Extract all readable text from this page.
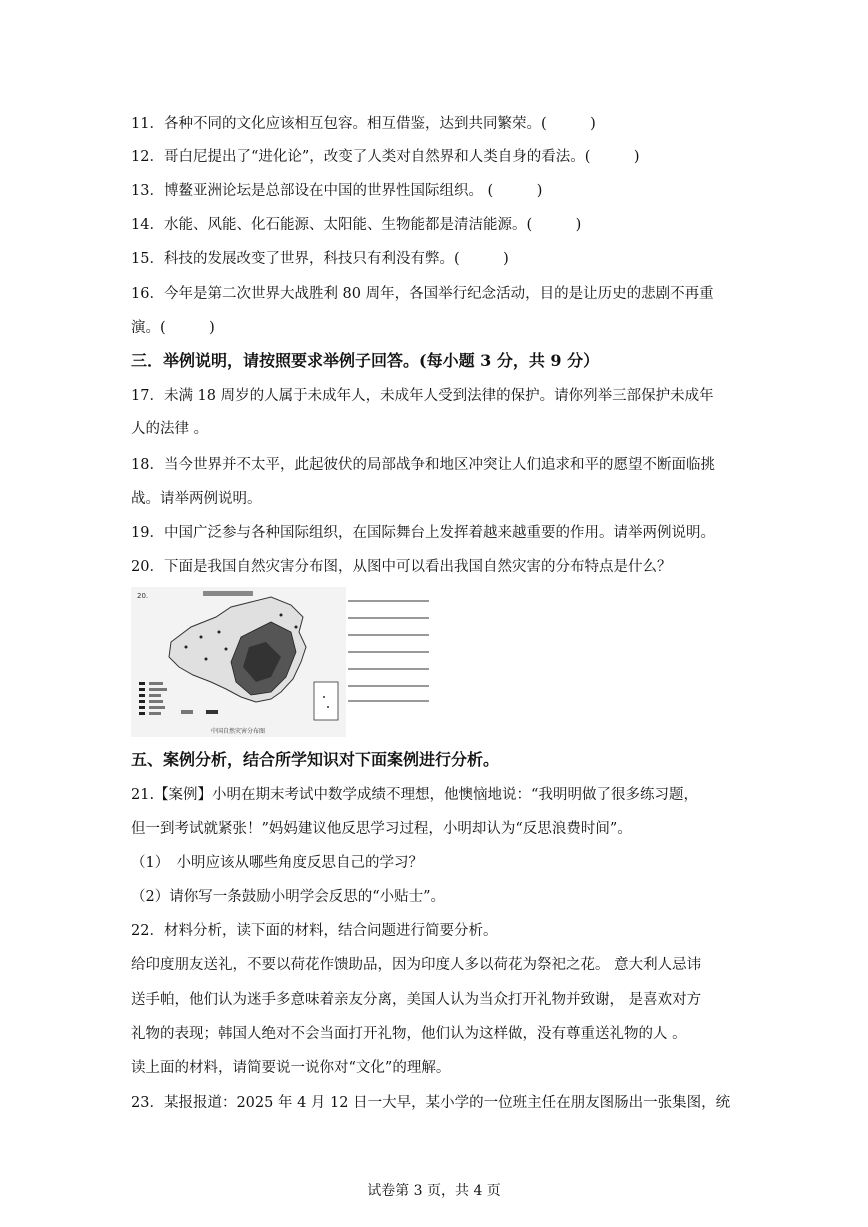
11．各种不同的文化应该相互包容。相互借鉴，达到共同繁荣。(　　　)
12．哥白尼提出了“进化论”，改变了人类对自然界和人类自身的看法。(　　　)
13．博鳌亚洲论坛是总部设在中国的世界性国际组织。 (　　　)
14．水能、风能、化石能源、太阳能、生物能都是清洁能源。(　　　)
15．科技的发展改变了世界，科技只有利没有弊。(　　　)
16．今年是第二次世界大战胜利 80 周年，各国举行纪念活动，目的是让历史的悲剧不再重
演。(　　　)
三．举例说明，请按照要求举例子回答。(每小题 3 分，共 9 分）
17．未满 18 周岁的人属于未成年人，未成年人受到法律的保护。请你列举三部保护未成年
人的法律 。
18．当今世界并不太平，此起彼伏的局部战争和地区冲突让人们追求和平的愿望不断面临挑
战。请举两例说明。
19．中国广泛参与各种国际组织，在国际舞台上发挥着越来越重要的作用。请举两例说明。
20．下面是我国自然灾害分布图，从图中可以看出我国自然灾害的分布特点是什么？
20.
中国自然灾害分布图
五、案例分析，结合所学知识对下面案例进行分析。
21.【案例】小明在期末考试中数学成绩不理想，他懊恼地说：“我明明做了很多练习题，
但一到考试就紧张！”妈妈建议他反思学习过程，小明却认为“反思浪费时间”。
（1）　小明应该从哪些角度反思自己的学习？
（2）请你写一条鼓励小明学会反思的“小贴士”。
22．材料分析，读下面的材料，结合问题进行简要分析。
给印度朋友送礼，不要以荷花作馈助品，因为印度人多以荷花为祭祀之花。 意大利人忌讳
送手帕，他们认为迷手多意味着亲友分离，美国人认为当众打开礼物并致谢， 是喜欢对方
礼物的表现；韩国人绝对不会当面打开礼物，他们认为这样做，没有尊重送礼物的人 。
读上面的材料，请简要说一说你对“文化”的理解。
23．某报报道：2025 年 4 月 12 日一大早，某小学的一位班主任在朋友图肠出一张集图，统
试卷第 3 页，共 4 页
